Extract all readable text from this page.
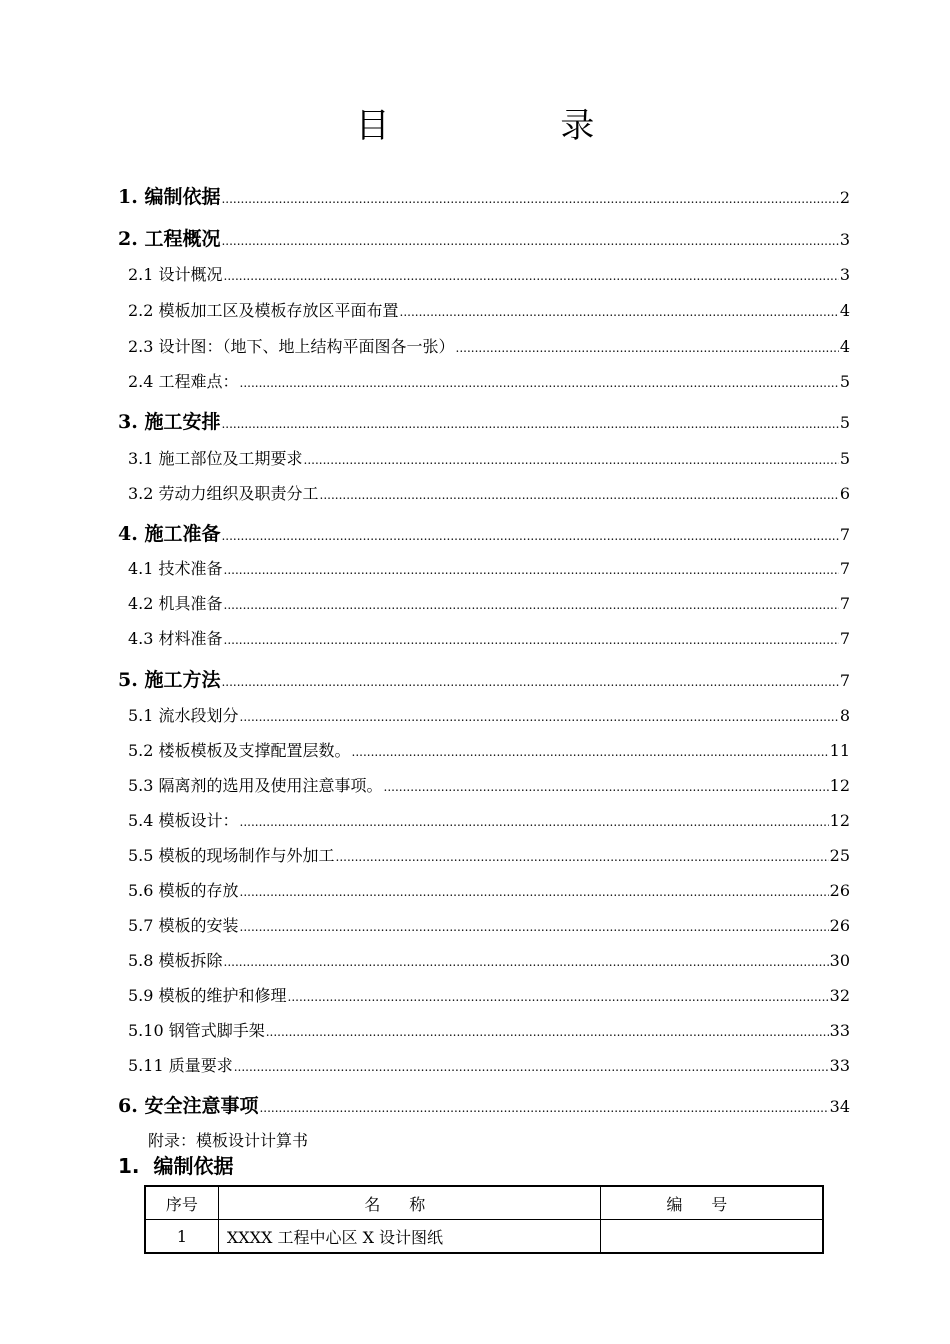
目 录
1. 编制依据 .....	2
2. 工程概况 .....	3
2.1 设计概况 .....	3
2.2 模板加工区及模板存放区平面布置 .....	4
2.3 设计图：（地下、地上结构平面图各一张） .....	4
2.4 工程难点： .....	5
3. 施工安排 .....	5
3.1 施工部位及工期要求 .....	5
3.2 劳动力组织及职责分工 .....	6
4. 施工准备 .....	7
4.1 技术准备 .....	7
4.2 机具准备 .....	7
4.3 材料准备 .....	7
5. 施工方法 .....	7
5.1 流水段划分 .....	8
5.2 楼板模板及支撑配置层数。 .....	11
5.3 隔离剂的选用及使用注意事项。 .....	12
5.4 模板设计： .....	12
5.5 模板的现场制作与外加工 .....	25
5.6 模板的存放 .....	26
5.7 模板的安装 .....	26
5.8 模板拆除 .....	30
5.9 模板的维护和修理 .....	32
5.10 钢管式脚手架 .....	33
5.11 质量要求 .....	33
6. 安全注意事项 .....	34
附录：模板设计计算书
1. 编制依据
序号	名称	编号
1	XXXX 工程中心区 X 设计图纸	
